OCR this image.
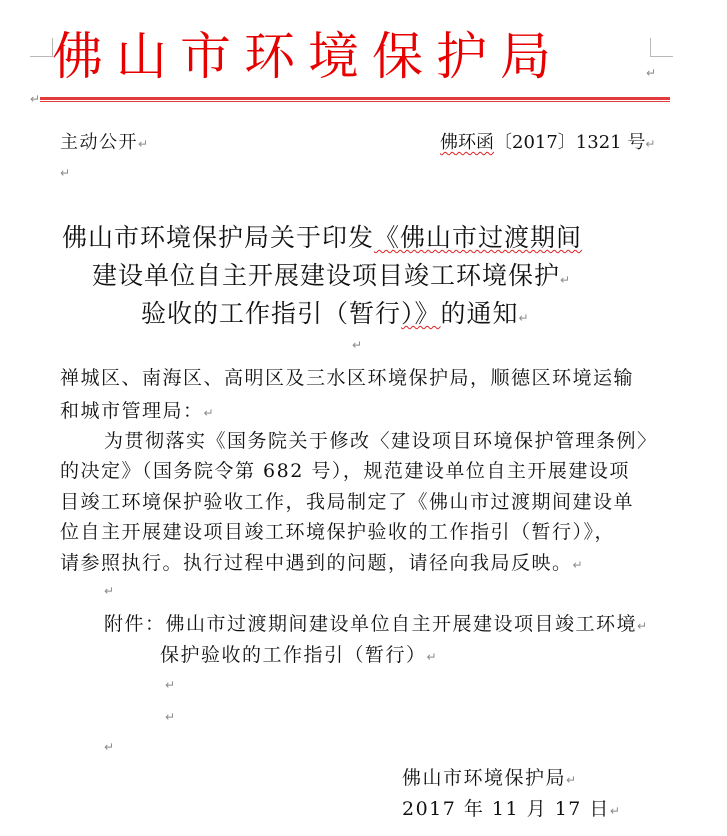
佛山市环境保护局	↵
↵
主动公开↵	佛环函〔2017〕1321 号↵
↵
佛山市环境保护局关于印发《佛山市过渡期间
建设单位自主开展建设项目竣工环境保护↵
验收的工作指引（暂行）》的通知↵
↵
禅城区、南海区、高明区及三水区环境保护局，顺德区环境运输
和城市管理局：↵
为贯彻落实《国务院关于修改〈建设项目环境保护管理条例〉
的决定》（国务院令第 682 号），规范建设单位自主开展建设项
目竣工环境保护验收工作，我局制定了《佛山市过渡期间建设单
位自主开展建设项目竣工环境保护验收的工作指引（暂行）》，
请参照执行。执行过程中遇到的问题，请径向我局反映。↵
↵
附件：佛山市过渡期间建设单位自主开展建设项目竣工环境↵
保护验收的工作指引（暂行）↵
↵
↵
↵
佛山市环境保护局↵
2017 年 11 月 17 日↵
